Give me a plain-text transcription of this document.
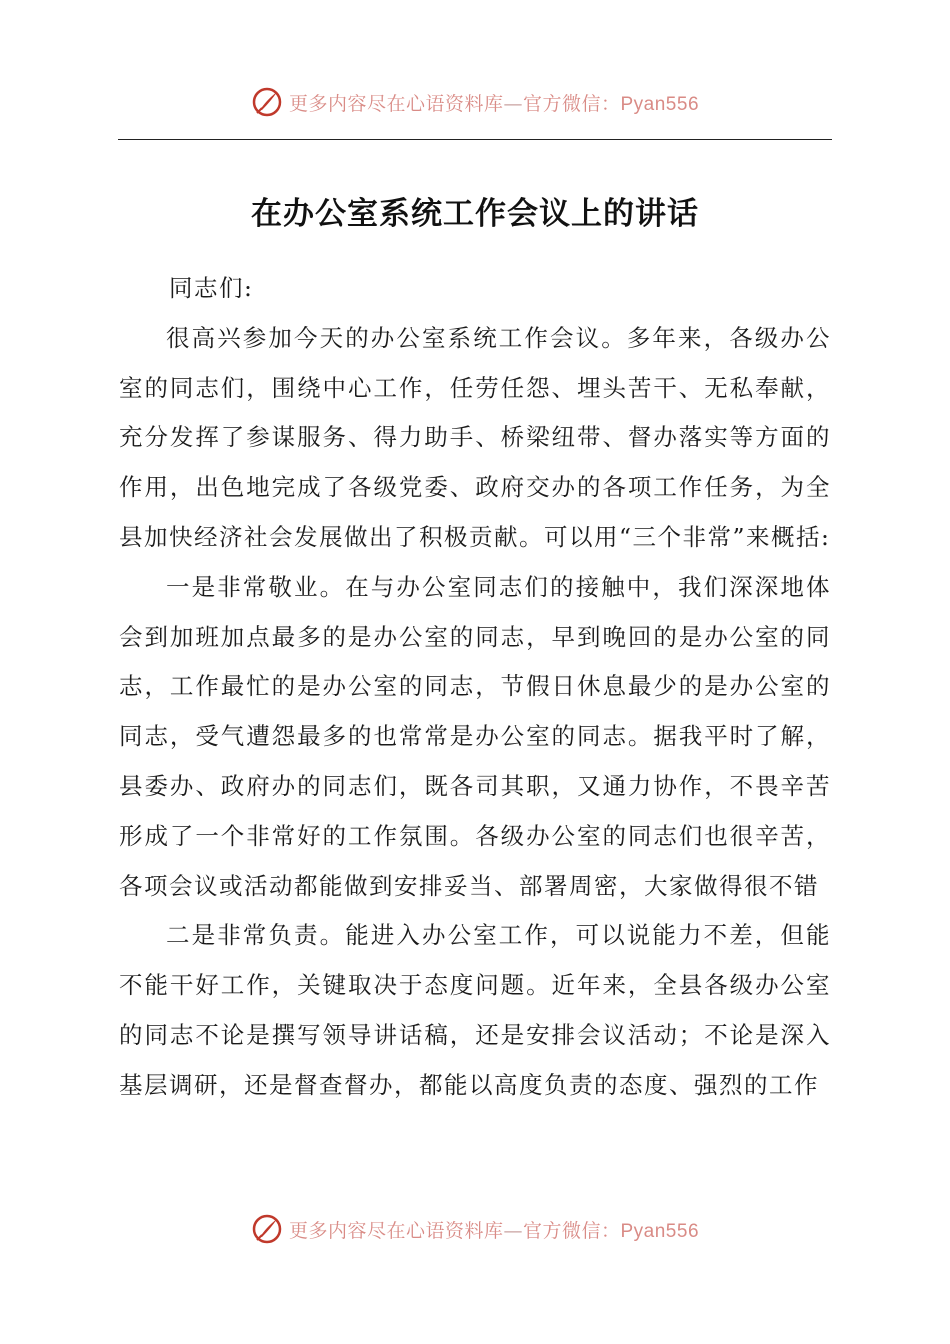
更多内容尽在心语资料库—官方微信：Pyan556
在办公室系统工作会议上的讲话

同志们:

很高兴参加今天的办公室系统工作会议。多年来，各级办公室的同志们，围绕中心工作，任劳任怨、埋头苦干、无私奉献，充分发挥了参谋服务、得力助手、桥梁纽带、督办落实等方面的作用，出色地完成了各级党委、政府交办的各项工作任务，为全县加快经济社会发展做出了积极贡献。可以用“三个非常”来概括:

一是非常敬业。在与办公室同志们的接触中，我们深深地体会到加班加点最多的是办公室的同志，早到晚回的是办公室的同志，工作最忙的是办公室的同志，节假日休息最少的是办公室的同志，受气遭怨最多的也常常是办公室的同志。据我平时了解，县委办、政府办的同志们，既各司其职，又通力协作，不畏辛苦形成了一个非常好的工作氛围。各级办公室的同志们也很辛苦，各项会议或活动都能做到安排妥当、部署周密，大家做得很不错

二是非常负责。能进入办公室工作，可以说能力不差，但能不能干好工作，关键取决于态度问题。近年来，全县各级办公室的同志不论是撰写领导讲话稿，还是安排会议活动；不论是深入基层调研，还是督查督办，都能以高度负责的态度、强烈的工作

更多内容尽在心语资料库—官方微信：Pyan556
